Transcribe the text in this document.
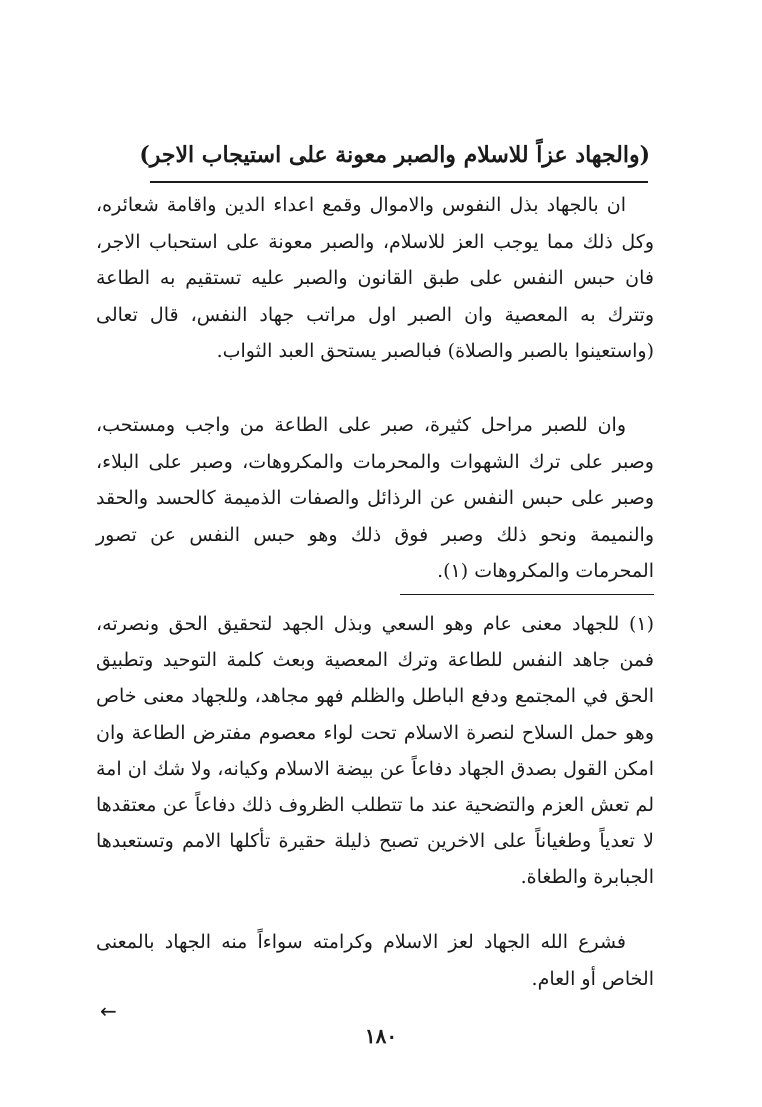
(والجهاد عزاً للاسلام والصبر معونة على استيجاب الاجر)

ان بالجهاد بذل النفوس والاموال وقمع اعداء الدين واقامة شعائره، وكل ذلك مما يوجب العز للاسلام، والصبر معونة على استحباب الاجر، فان حبس النفس على طبق القانون والصبر عليه تستقيم به الطاعة وتترك به المعصية وان الصبر اول مراتب جهاد النفس، قال تعالى (واستعينوا بالصبر والصلاة) فبالصبر يستحق العبد الثواب.

وان للصبر مراحل كثيرة، صبر على الطاعة من واجب ومستحب، وصبر على ترك الشهوات والمحرمات والمكروهات، وصبر على البلاء، وصبر على حبس النفس عن الرذائل والصفات الذميمة كالحسد والحقد والنميمة ونحو ذلك وصبر فوق ذلك وهو حبس النفس عن تصور المحرمات والمكروهات (١).

(١) للجهاد معنى عام وهو السعي وبذل الجهد لتحقيق الحق ونصرته، فمن جاهد النفس للطاعة وترك المعصية وبعث كلمة التوحيد وتطبيق الحق في المجتمع ودفع الباطل والظلم فهو مجاهد، وللجهاد معنى خاص وهو حمل السلاح لنصرة الاسلام تحت لواء معصوم مفترض الطاعة وان امكن القول بصدق الجهاد دفاعاً عن بيضة الاسلام وكيانه، ولا شك ان امة لم تعش العزم والتضحية عند ما تتطلب الظروف ذلك دفاعاً عن معتقدها لا تعدياً وطغياناً على الاخرين تصبح ذليلة حقيرة تأكلها الامم وتستعبدها الجبابرة والطغاة.

فشرع الله الجهاد لعز الاسلام وكرامته سواءاً منه الجهاد بالمعنى الخاص أو العام.

←
١٨٠
